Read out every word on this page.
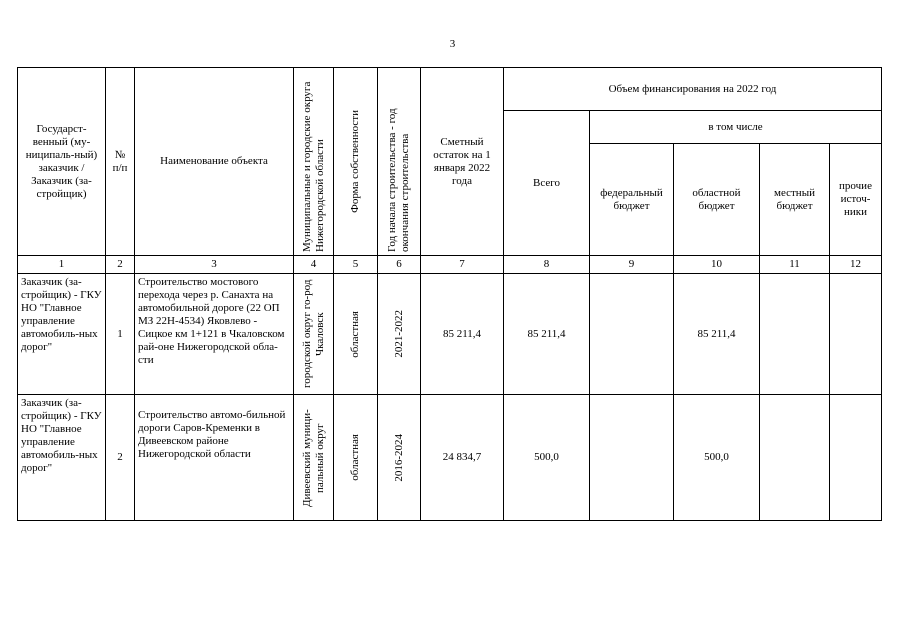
3
Государст-венный (му-ниципаль-ный) заказчик / Заказчик (за-стройщик)	№ п/п	Наименование объекта	Муниципальные и городские округа Нижегородской области	Форма собственности	Год начала строительства - год окончания строительства	Сметный остаток на 1 января 2022 года	Объем финансирования на 2022 год				
							Всего	в том числе			
								федеральный бюджет	областной бюджет	местный бюджет	прочие источ-ники
1	2	3	4	5	6	7	8	9	10	11	12
Заказчик (за-стройщик) - ГКУ НО "Главное управление автомобиль-ных дорог"	1	Строительство мостового перехода через р. Санахта на автомобильной дороге (22 ОП МЗ 22Н-4534) Яковлево - Сицкое км 1+121 в Чкаловском рай-оне Нижегородской обла-сти	городской округ го-род Чкаловск	областная	2021-2022	85 211,4	85 211,4		85 211,4		
Заказчик (за-стройщик) - ГКУ НО "Главное управление автомобиль-ных дорог"	2	Строительство автомо-бильной дороги Саров-Кременки в Дивеевском районе Нижегородской области	Дивеевский муници-пальный округ	областная	2016-2024	24 834,7	500,0		500,0		
